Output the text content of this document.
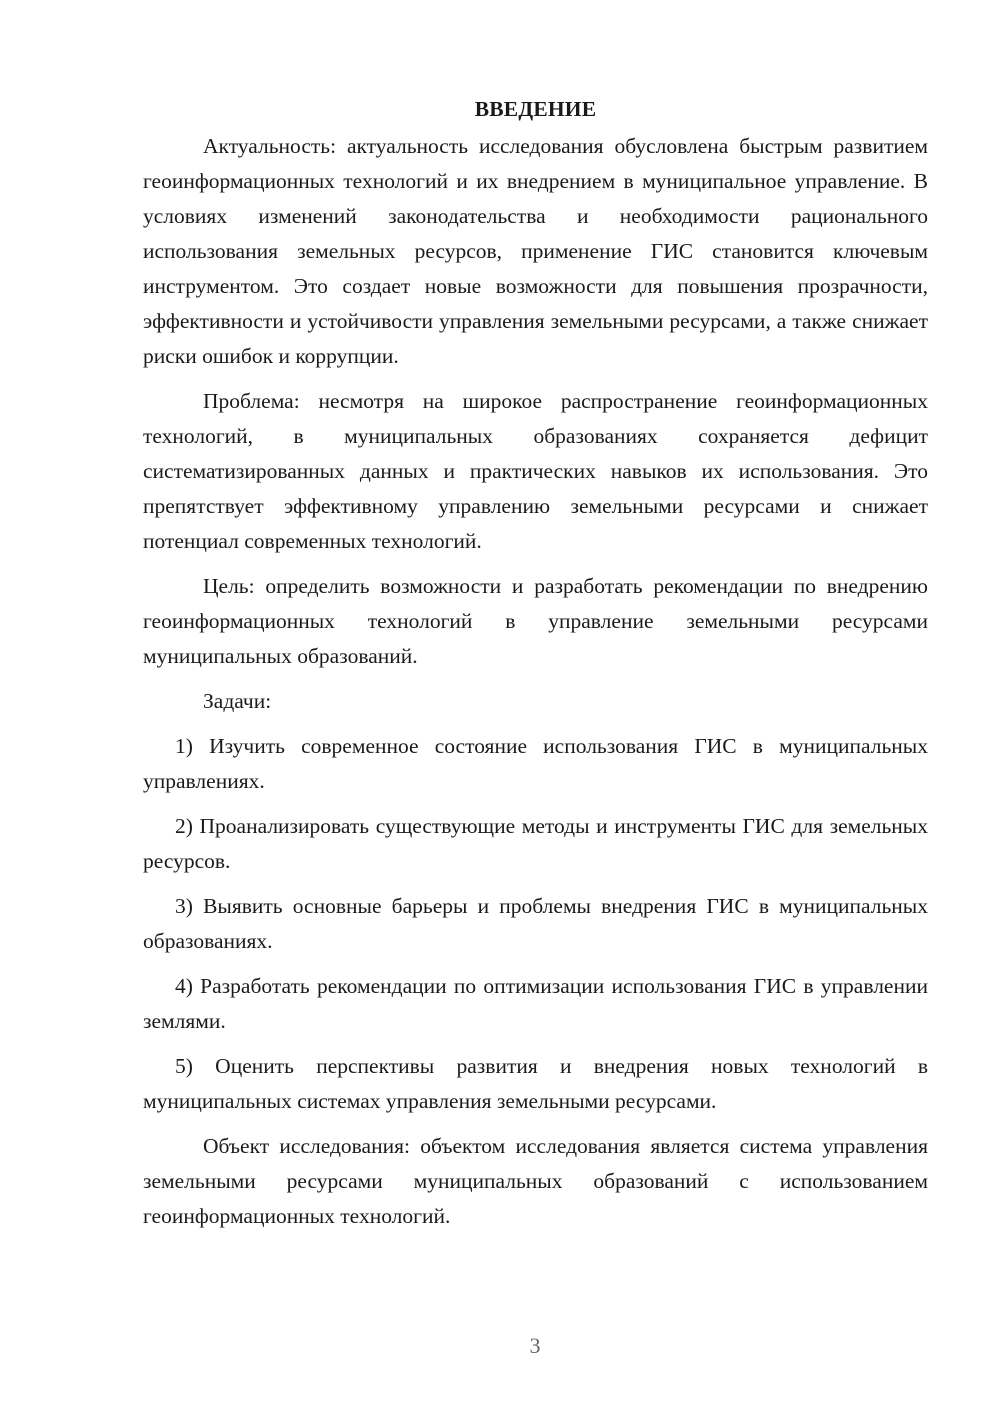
ВВЕДЕНИЕ

Актуальность: актуальность исследования обусловлена быстрым развитием геоинформационных технологий и их внедрением в муниципальное управление. В условиях изменений законодательства и необходимости рационального использования земельных ресурсов, применение ГИС становится ключевым инструментом. Это создает новые возможности для повышения прозрачности, эффективности и устойчивости управления земельными ресурсами, а также снижает риски ошибок и коррупции.

Проблема: несмотря на широкое распространение геоинформационных технологий, в муниципальных образованиях сохраняется дефицит систематизированных данных и практических навыков их использования. Это препятствует эффективному управлению земельными ресурсами и снижает потенциал современных технологий.

Цель: определить возможности и разработать рекомендации по внедрению геоинформационных технологий в управление земельными ресурсами муниципальных образований.

Задачи:

1) Изучить современное состояние использования ГИС в муниципальных управлениях.

2) Проанализировать существующие методы и инструменты ГИС для земельных ресурсов.

3) Выявить основные барьеры и проблемы внедрения ГИС в муниципальных образованиях.

4) Разработать рекомендации по оптимизации использования ГИС в управлении землями.

5) Оценить перспективы развития и внедрения новых технологий в муниципальных системах управления земельными ресурсами.

Объект исследования: объектом исследования является система управления земельными ресурсами муниципальных образований с использованием геоинформационных технологий.

3
